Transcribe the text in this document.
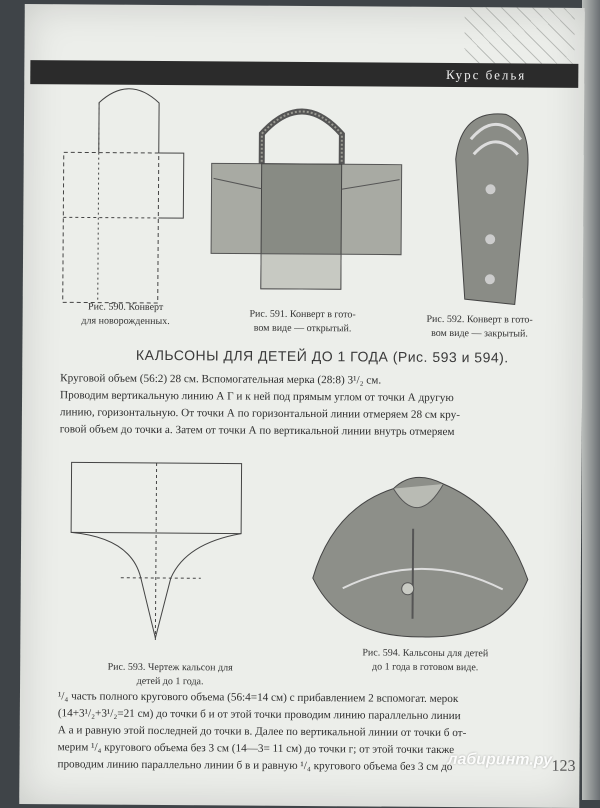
Курс белья
Рис. 590. Конверт
для новорожденных.
Рис. 591. Конверт в гото-
вом виде — открытый.
Рис. 592. Конверт в гото-
вом виде — закрытый.
КАЛЬСОНЫ ДЛЯ ДЕТЕЙ ДО 1 ГОДА (Рис. 593 и 594).

Круговой объем (56:2) 28 см. Вспомогательная мерка (28:8) 3¹/₂ см.

Проводим вертикальную линию А Г и к ней под прямым углом от точки А другую

линию, горизонтальную. От точки А по горизонтальной линии отмеряем 28 см кру-

говой объем до точки а. Затем от точки А по вертикальной линии внутрь отмеряем

Рис. 593. Чертеж кальсон для
детей до 1 года.
Рис. 594. Кальсоны для детей
до 1 года в готовом виде.

¹/₄ часть полного кругового объема (56:4=14 см) с прибавлением 2 вспомогат. мерок

(14+3¹/₂+3¹/₂=21 см) до точки б и от этой точки проводим линию параллельно линии

А а и равную этой последней до точки в. Далее по вертикальной линии от точки б от-

мерим ¹/₄ кругового объема без 3 см (14—3= 11 см) до точки г; от этой точки также

проводим линию параллельно линии б в и равную ¹/₄ кругового объема без 3 см до	123
лабиринт.ру
